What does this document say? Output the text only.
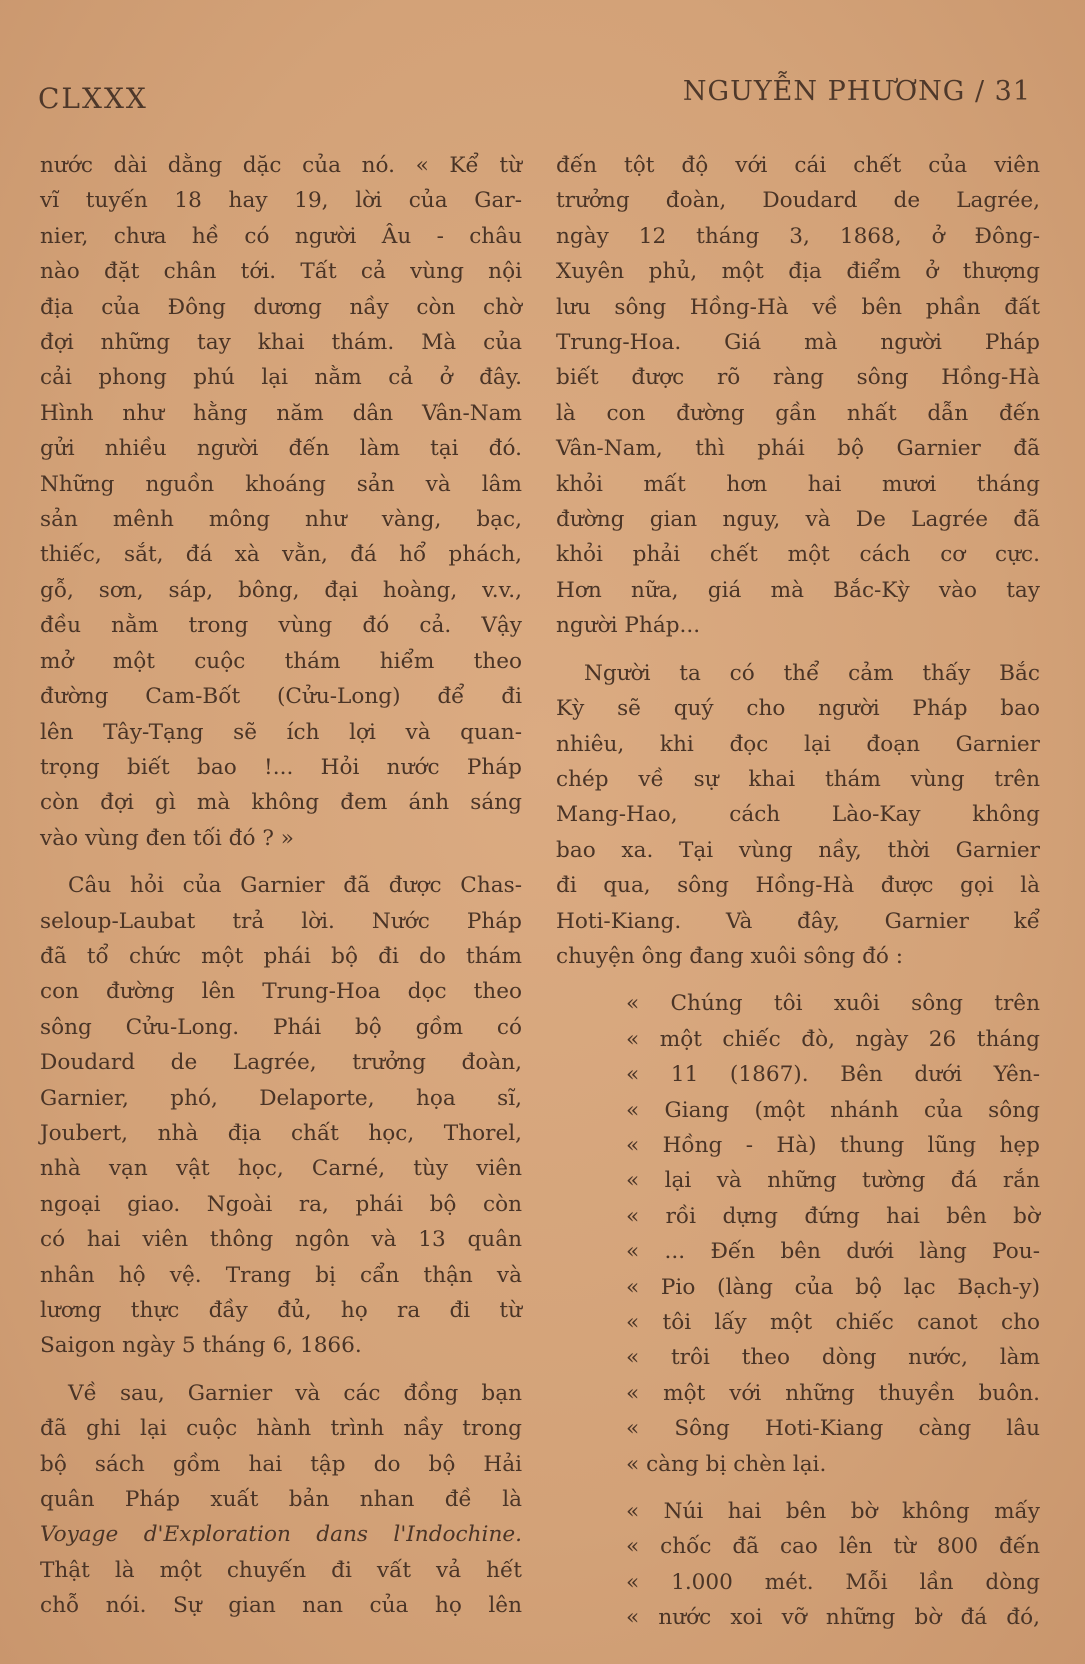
CLXXX	NGUYỄN PHƯƠNG / 31

nước dài dằng dặc của nó. « Kể từ

vĩ tuyến 18 hay 19, lời của Gar-

nier, chưa hề có người Âu - châu

nào đặt chân tới. Tất cả vùng nội

địa của Đông dương nầy còn chờ

đợi những tay khai thám. Mà của

cải phong phú lại nằm cả ở đây.

Hình như hằng năm dân Vân-Nam

gửi nhiều người đến làm tại đó.

Những nguồn khoáng sản và lâm

sản mênh mông như vàng, bạc,

thiếc, sắt, đá xà vằn, đá hổ phách,

gỗ, sơn, sáp, bông, đại hoàng, v.v.,

đều nằm trong vùng đó cả. Vậy

mở một cuộc thám hiểm theo

đường Cam-Bốt (Cửu-Long) để đi

lên Tây-Tạng sẽ ích lợi và quan-

trọng biết bao !... Hỏi nước Pháp

còn đợi gì mà không đem ánh sáng

vào vùng đen tối đó ? »

Câu hỏi của Garnier đã được Chas-

seloup-Laubat trả lời. Nước Pháp

đã tổ chức một phái bộ đi do thám

con đường lên Trung-Hoa dọc theo

sông Cửu-Long. Phái bộ gồm có

Doudard de Lagrée, trưởng đoàn,

Garnier, phó, Delaporte, họa sĩ,

Joubert, nhà địa chất học, Thorel,

nhà vạn vật học, Carné, tùy viên

ngoại giao. Ngoài ra, phái bộ còn

có hai viên thông ngôn và 13 quân

nhân hộ vệ. Trang bị cẩn thận và

lương thực đầy đủ, họ ra đi từ

Saigon ngày 5 tháng 6, 1866.

Về sau, Garnier và các đồng bạn

đã ghi lại cuộc hành trình nầy trong

bộ sách gồm hai tập do bộ Hải

quân Pháp xuất bản nhan đề là

Voyage d'Exploration dans l'Indochine.

Thật là một chuyến đi vất vả hết

chỗ nói. Sự gian nan của họ lên

đến tột độ với cái chết của viên

trưởng đoàn, Doudard de Lagrée,

ngày 12 tháng 3, 1868, ở Đông-

Xuyên phủ, một địa điểm ở thượng

lưu sông Hồng-Hà về bên phần đất

Trung-Hoa. Giá mà người Pháp

biết được rõ ràng sông Hồng-Hà

là con đường gần nhất dẫn đến

Vân-Nam, thì phái bộ Garnier đã

khỏi mất hơn hai mươi tháng

đường gian nguy, và De Lagrée đã

khỏi phải chết một cách cơ cực.

Hơn nữa, giá mà Bắc-Kỳ vào tay

người Pháp...

Người ta có thể cảm thấy Bắc

Kỳ sẽ quý cho người Pháp bao

nhiêu, khi đọc lại đoạn Garnier

chép về sự khai thám vùng trên

Mang-Hao, cách Lào-Kay không

bao xa. Tại vùng nầy, thời Garnier

đi qua, sông Hồng-Hà được gọi là

Hoti-Kiang. Và đây, Garnier kể

chuyện ông đang xuôi sông đó :

« Chúng tôi xuôi sông trên

« một chiếc đò, ngày 26 tháng

« 11 (1867). Bên dưới Yên-

« Giang (một nhánh của sông

« Hồng - Hà) thung lũng hẹp

« lại và những tường đá rắn

« rồi dựng đứng hai bên bờ

« ... Đến bên dưới làng Pou-

« Pio (làng của bộ lạc Bạch-y)

« tôi lấy một chiếc canot cho

« trôi theo dòng nước, làm

« một với những thuyền buôn.

« Sông Hoti-Kiang càng lâu

« càng bị chèn lại.

« Núi hai bên bờ không mấy

« chốc đã cao lên từ 800 đến

« 1.000 mét. Mỗi lần dòng

« nước xoi vỡ những bờ đá đó,
